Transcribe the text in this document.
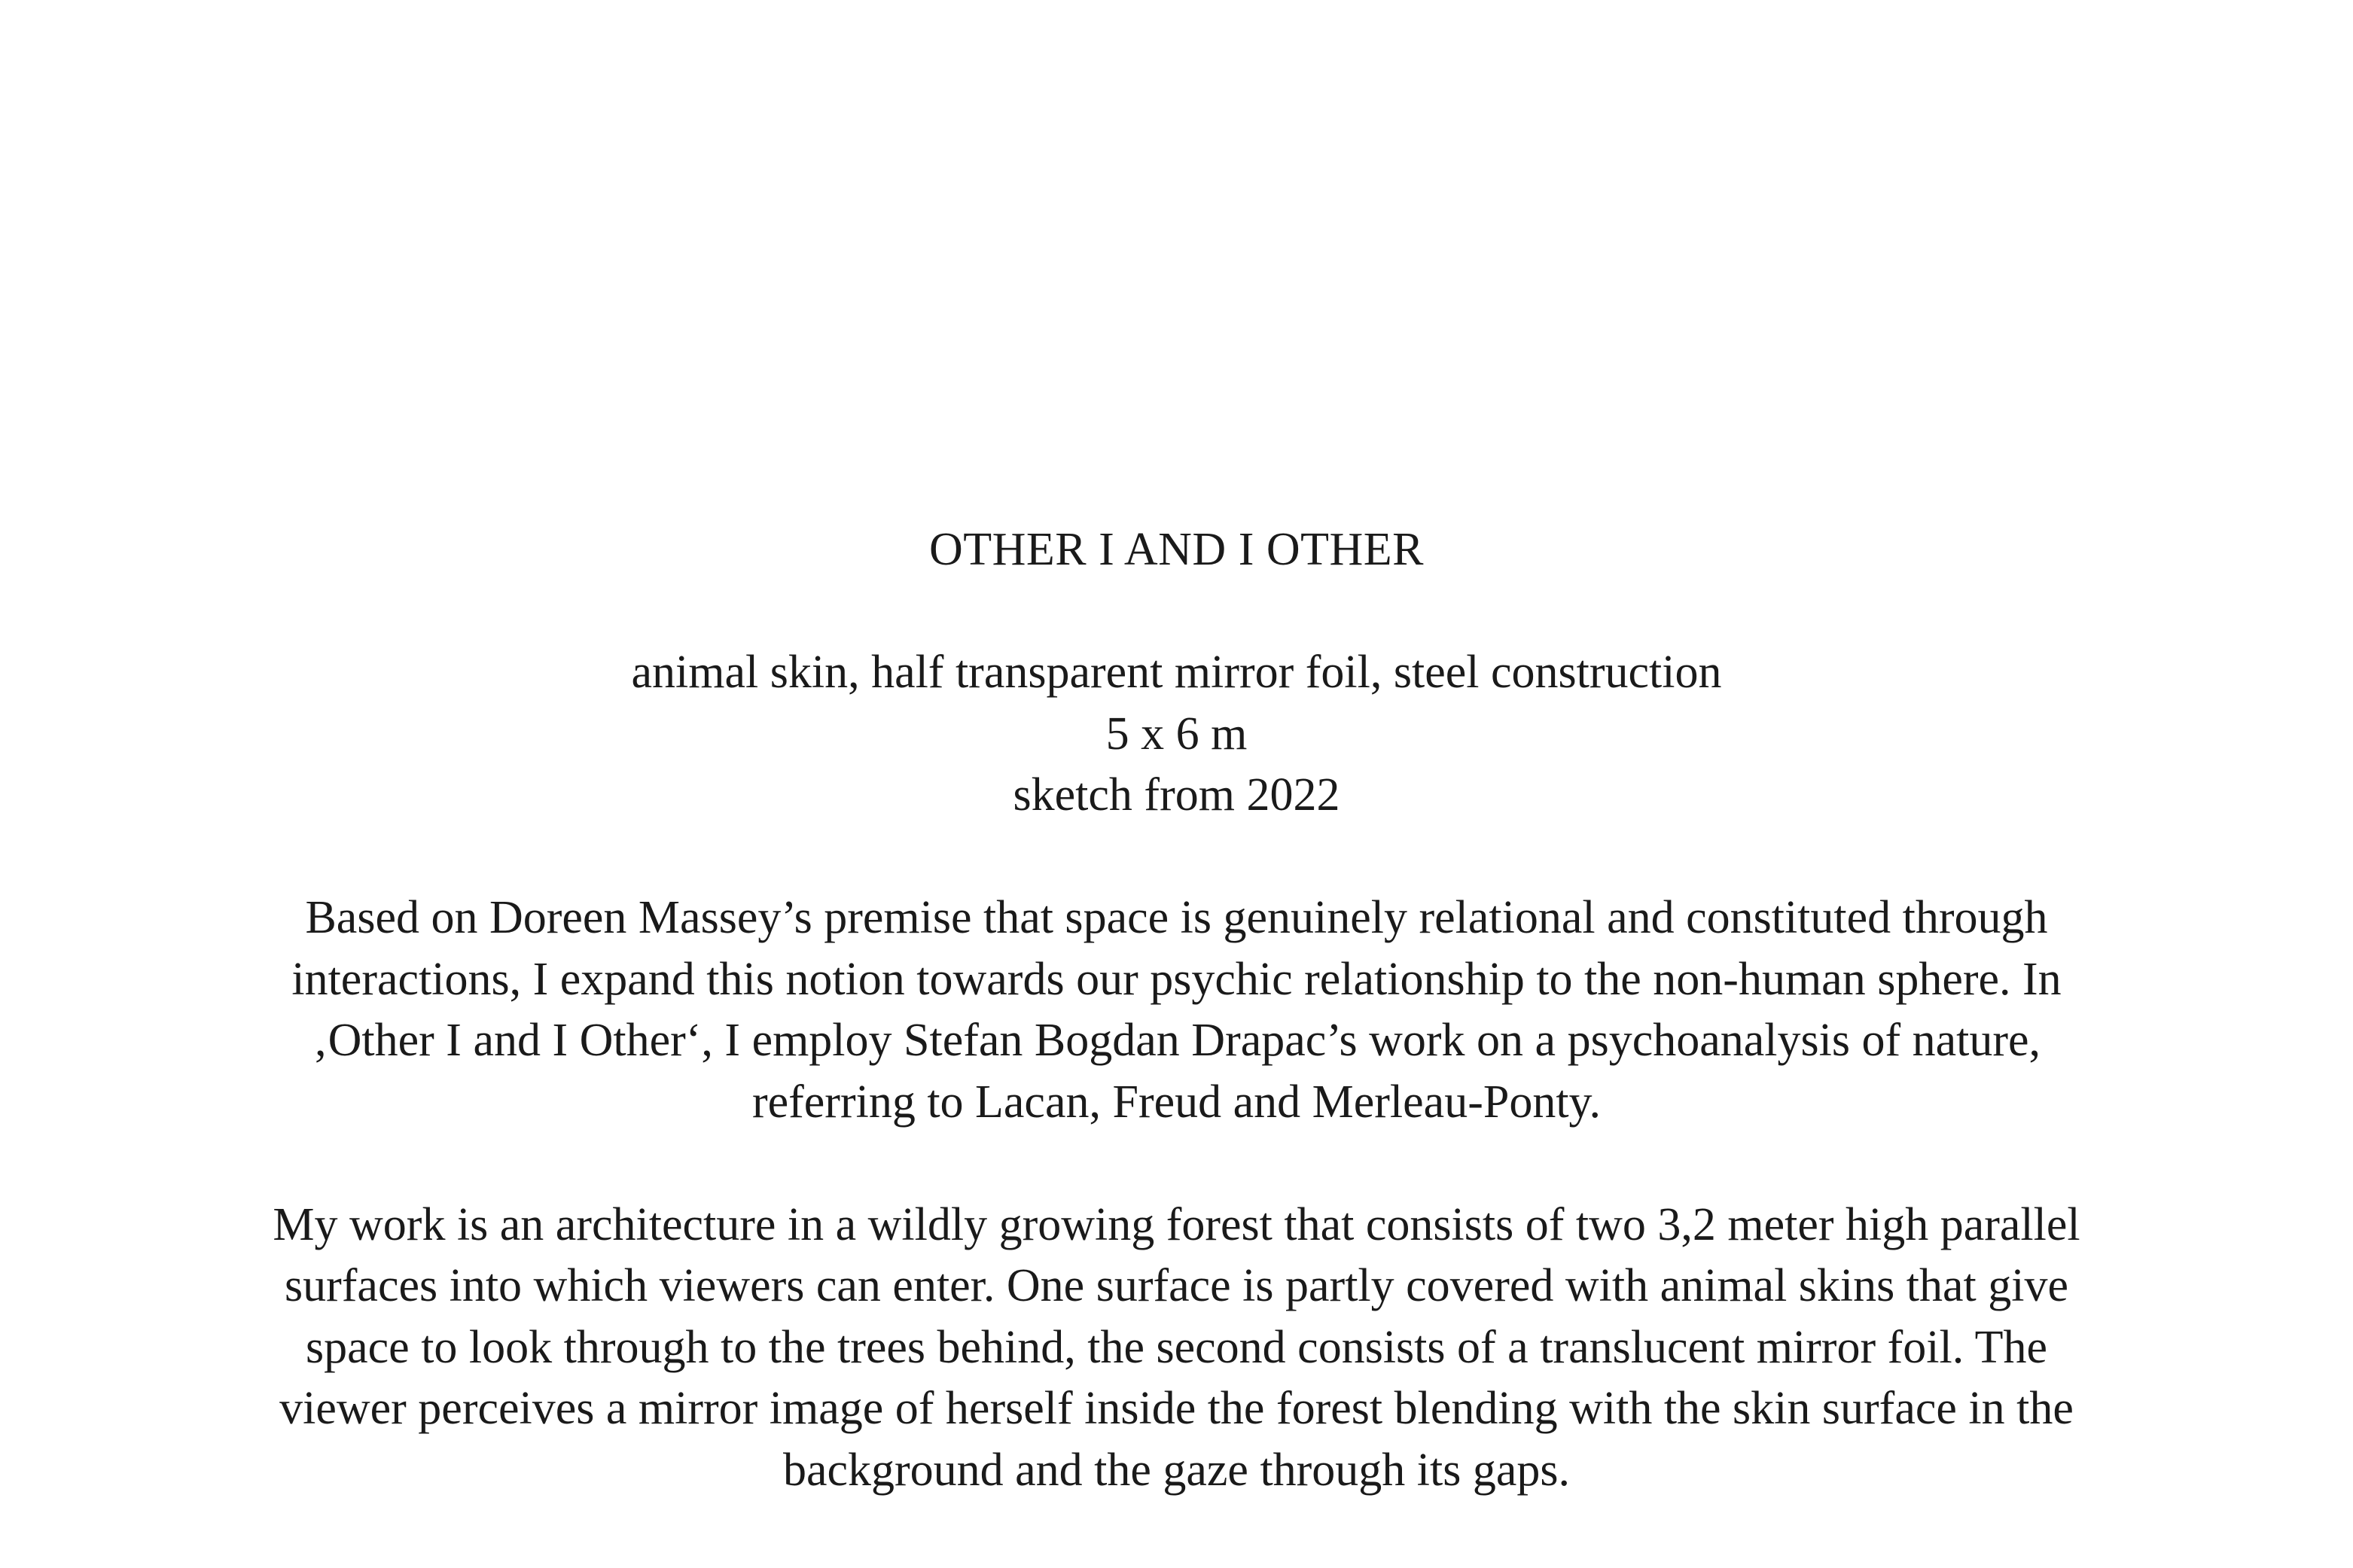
OTHER I AND I OTHER
animal skin, half transparent mirror foil, steel construction
5 x 6 m
sketch from 2022
Based on Doreen Massey’s premise that space is genuinely relational and constituted through
interactions, I expand this notion towards our psychic relationship to the non-human sphere. In
‚Other I and I Other‘, I employ Stefan Bogdan Drapac’s work on a psychoanalysis of nature,
referring to Lacan, Freud and Merleau-Ponty.
My work is an architecture in a wildly growing forest that consists of two 3,2 meter high parallel
surfaces into which viewers can enter. One surface is partly covered with animal skins that give
space to look through to the trees behind, the second consists of a translucent mirror foil. The
viewer perceives a mirror image of herself inside the forest blending with the skin surface in the
background and the gaze through its gaps.
